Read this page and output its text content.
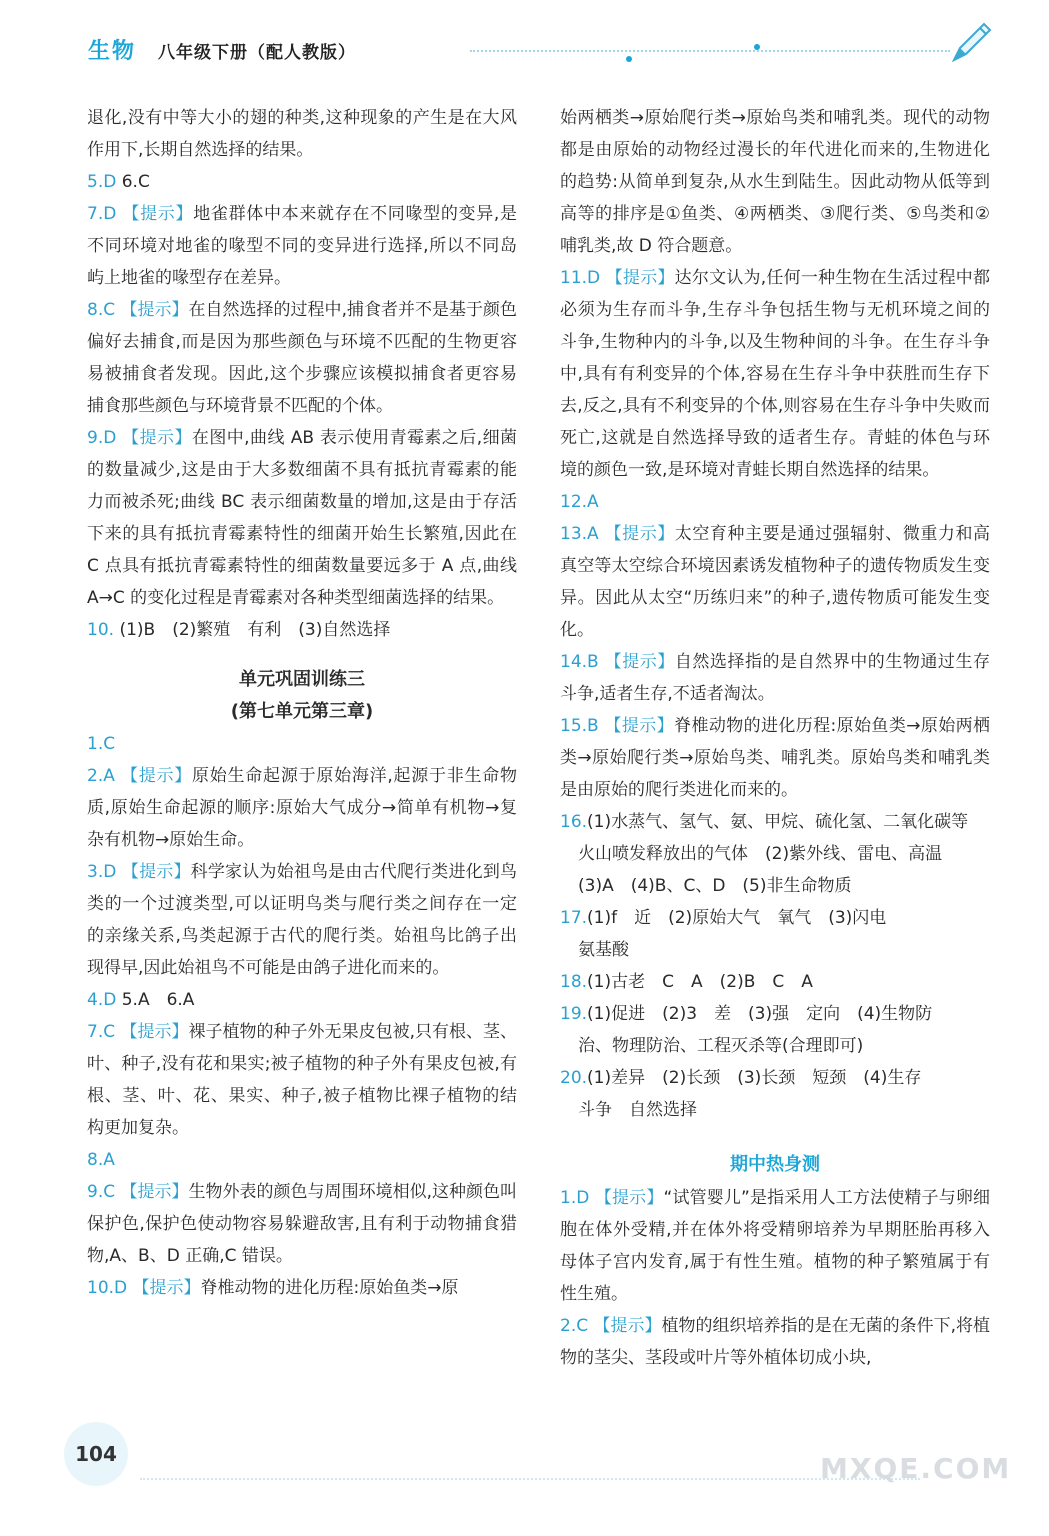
生物 八年级下册（配人教版）

退化,没有中等大小的翅的种类,这种现象的产生是在大风作用下,长期自然选择的结果。

5.D 6.C

7.D 【提示】地雀群体中本来就存在不同喙型的变异,是不同环境对地雀的喙型不同的变异进行选择,所以不同岛屿上地雀的喙型存在差异。

8.C 【提示】在自然选择的过程中,捕食者并不是基于颜色偏好去捕食,而是因为那些颜色与环境不匹配的生物更容易被捕食者发现。因此,这个步骤应该模拟捕食者更容易捕食那些颜色与环境背景不匹配的个体。

9.D 【提示】在图中,曲线 AB 表示使用青霉素之后,细菌的数量减少,这是由于大多数细菌不具有抵抗青霉素的能力而被杀死;曲线 BC 表示细菌数量的增加,这是由于存活下来的具有抵抗青霉素特性的细菌开始生长繁殖,因此在 C 点具有抵抗青霉素特性的细菌数量要远多于 A 点,曲线 A→C 的变化过程是青霉素对各种类型细菌选择的结果。

10. (1)B　(2)繁殖　有利　(3)自然选择

单元巩固训练三
(第七单元第三章)

1.C

2.A 【提示】原始生命起源于原始海洋,起源于非生命物质,原始生命起源的顺序:原始大气成分→简单有机物→复杂有机物→原始生命。

3.D 【提示】科学家认为始祖鸟是由古代爬行类进化到鸟类的一个过渡类型,可以证明鸟类与爬行类之间存在一定的亲缘关系,鸟类起源于古代的爬行类。始祖鸟比鸽子出现得早,因此始祖鸟不可能是由鸽子进化而来的。

4.D 5.A　6.A

7.C 【提示】裸子植物的种子外无果皮包被,只有根、茎、叶、种子,没有花和果实;被子植物的种子外有果皮包被,有根、茎、叶、花、果实、种子,被子植物比裸子植物的结构更加复杂。

8.A

9.C 【提示】生物外表的颜色与周围环境相似,这种颜色叫保护色,保护色使动物容易躲避敌害,且有利于动物捕食猎物,A、B、D 正确,C 错误。

10.D 【提示】脊椎动物的进化历程:原始鱼类→原

始两栖类→原始爬行类→原始鸟类和哺乳类。现代的动物都是由原始的动物经过漫长的年代进化而来的,生物进化的趋势:从简单到复杂,从水生到陆生。因此动物从低等到高等的排序是①鱼类、④两栖类、③爬行类、⑤鸟类和②哺乳类,故 D 符合题意。

11.D 【提示】达尔文认为,任何一种生物在生活过程中都必须为生存而斗争,生存斗争包括生物与无机环境之间的斗争,生物种内的斗争,以及生物种间的斗争。在生存斗争中,具有有利变异的个体,容易在生存斗争中获胜而生存下去,反之,具有不利变异的个体,则容易在生存斗争中失败而死亡,这就是自然选择导致的适者生存。青蛙的体色与环境的颜色一致,是环境对青蛙长期自然选择的结果。

12.A

13.A 【提示】太空育种主要是通过强辐射、微重力和高真空等太空综合环境因素诱发植物种子的遗传物质发生变异。因此从太空“历练归来”的种子,遗传物质可能发生变化。

14.B 【提示】自然选择指的是自然界中的生物通过生存斗争,适者生存,不适者淘汰。

15.B 【提示】脊椎动物的进化历程:原始鱼类→原始两栖类→原始爬行类→原始鸟类、哺乳类。原始鸟类和哺乳类是由原始的爬行类进化而来的。

16.(1)水蒸气、氢气、氨、甲烷、硫化氢、二氧化碳等
火山喷发释放出的气体　(2)紫外线、雷电、高温
(3)A　(4)B、C、D　(5)非生命物质

17.(1)f　近　(2)原始大气　氧气　(3)闪电
氨基酸

18.(1)古老　C　A　(2)B　C　A

19.(1)促进　(2)3　差　(3)强　定向　(4)生物防
治、物理防治、工程灭杀等(合理即可)

20.(1)差异　(2)长颈　(3)长颈　短颈　(4)生存
斗争　自然选择

期中热身测

1.D 【提示】“试管婴儿”是指采用人工方法使精子与卵细胞在体外受精,并在体外将受精卵培养为早期胚胎再移入母体子宫内发育,属于有性生殖。植物的种子繁殖属于有性生殖。

2.C 【提示】植物的组织培养指的是在无菌的条件下,将植物的茎尖、茎段或叶片等外植体切成小块,

104	MXQE.COM
